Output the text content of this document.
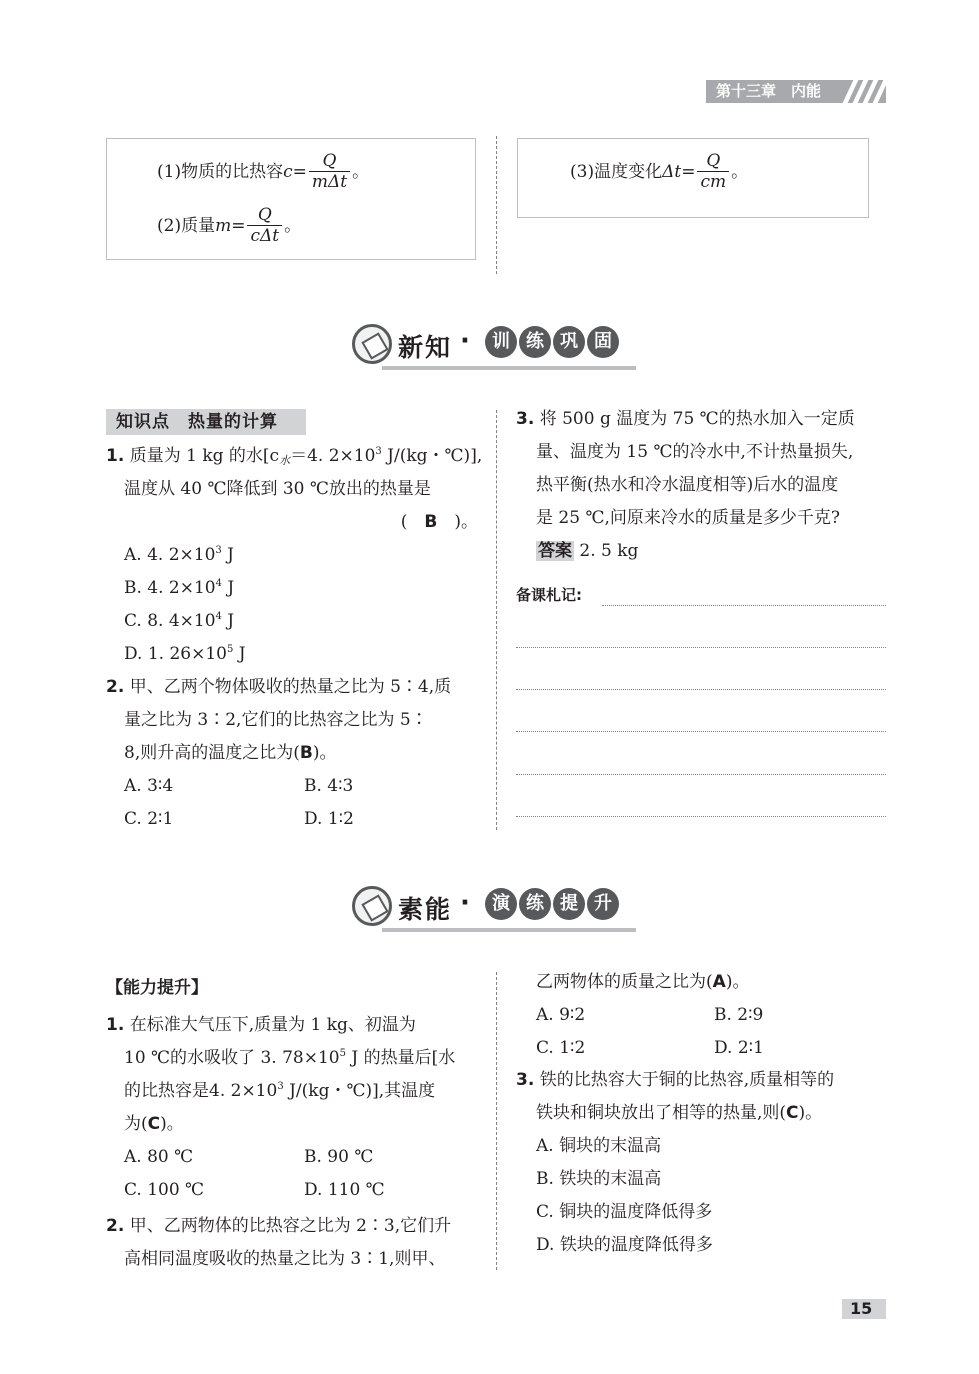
第十三章　内能
(1)物质的比热容 $c = \frac{Q}{\text{mΔt}}$ 。
(2)质量 $m = \frac{Q}{\text{cΔt}}$ 。
(3)温度变化 $\Delta t = \frac{Q}{cm}$ 。
新知 ·	训 练 巩 固
知识点　热量的计算
1. 质量为 1 kg 的水[$c_水=4$. $2\times 10^3$ J/(kg・℃)],
温度从 40 ℃降低到 30 ℃放出的热量是
(　B　)。
A. 4. $2\times 10^3$ J
B. 4. $2\times 10^4$ J
C. 8. $4\times 10^4$ J
D. 1. $26\times 10^5$ J
2. 甲、乙两个物体吸收的热量之比为 5∶4,质
量之比为 3∶2,它们的比热容之比为 5∶
8,则升高的温度之比为(B)。
A. 3∶4	B. 4∶3
C. 2∶1	D. 1∶2
3. 将 500 g 温度为 75 ℃的热水加入一定质
量、温度为 15 ℃的冷水中,不计热量损失,
热平衡(热水和冷水温度相等)后水的温度
是 25 ℃,问原来冷水的质量是多少千克?
答案 2. 5 kg
备课札记:
素能 ·	演 练 提 升
【能力提升】
1. 在标准大气压下,质量为 1 kg、初温为
10 ℃的水吸收了 3. $78\times 10^5$ J 的热量后[水
的比热容是4. $2\times 10^3$ J/(kg・℃)],其温度
为(C)。
A. 80 ℃	B. 90 ℃
C. 100 ℃	D. 110 ℃
2. 甲、乙两物体的比热容之比为 2∶3,它们升
高相同温度吸收的热量之比为 3∶1,则甲、
乙两物体的质量之比为(A)。
A. 9∶2	B. 2∶9
C. 1∶2	D. 2∶1
3. 铁的比热容大于铜的比热容,质量相等的
铁块和铜块放出了相等的热量,则(C)。
A. 铜块的末温高
B. 铁块的末温高
C. 铜块的温度降低得多
D. 铁块的温度降低得多
15
